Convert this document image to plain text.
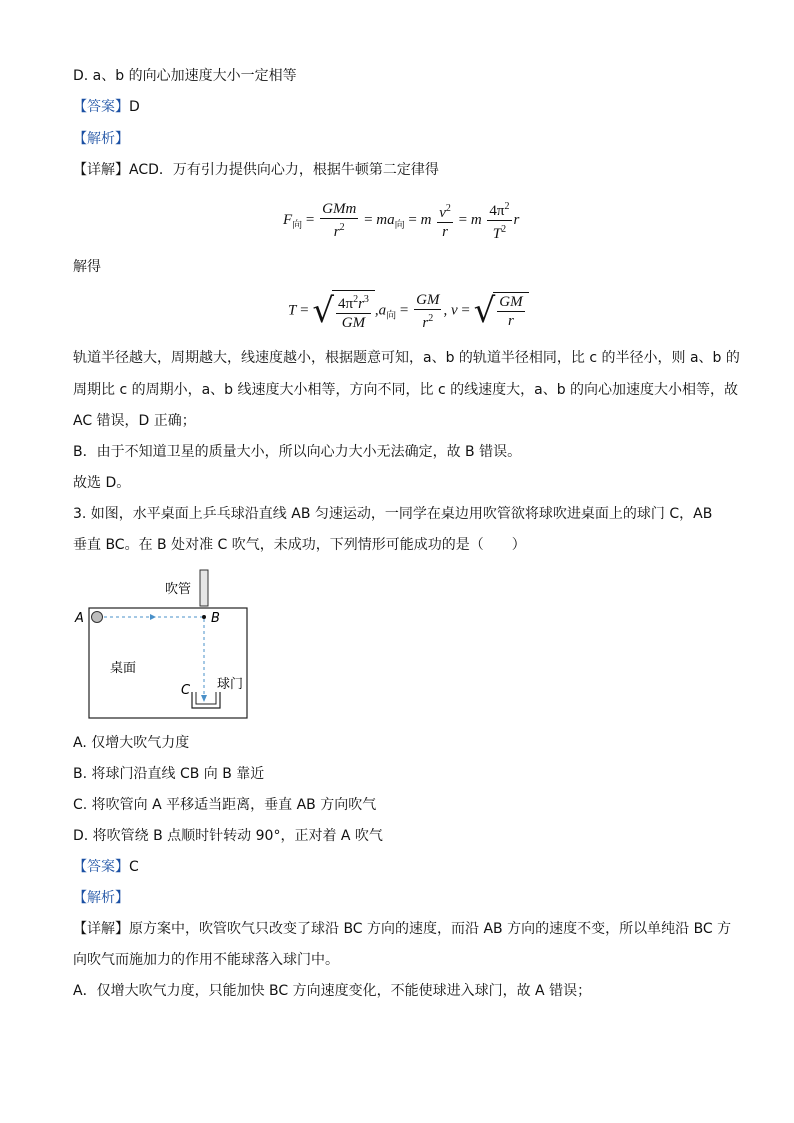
D. a、b 的向心加速度大小一定相等
【答案】D
【解析】
【详解】ACD．万有引力提供向心力，根据牛顿第二定律得
$F_向 = \frac{\text{GMm}}{r^2} = ma_向 = m \frac{v^2}{r} = m \frac{4\pi^2}{T^2}$ r
解得
T = √ $\frac{4\pi^2r^3}{GM} ,a_向 = \frac{GM}{r^2}$ , v = √ $\frac{GM}{r}$
轨道半径越大，周期越大，线速度越小，根据题意可知，a、b 的轨道半径相同，比 c 的半径小，则 a、b 的
周期比 c 的周期小，a、b 线速度大小相等，方向不同，比 c 的线速度大，a、b 的向心加速度大小相等，故
AC 错误，D 正确；
B．由于不知道卫星的质量大小，所以向心力大小无法确定，故 B 错误。
故选 D。
3. 如图，水平桌面上乒乓球沿直线 AB 匀速运动，一同学在桌边用吹管欲将球吹进桌面上的球门 C，AB
垂直 BC。在 B 处对准 C 吹气，未成功，下列情形可能成功的是（　　）
吹管
A	B
桌面
球门
C
A. 仅增大吹气力度
B. 将球门沿直线 CB 向 B 靠近
C. 将吹管向 A 平移适当距离，垂直 AB 方向吹气
D. 将吹管绕 B 点顺时针转动 90°，正对着 A 吹气
【答案】C
【解析】
【详解】原方案中，吹管吹气只改变了球沿 BC 方向的速度，而沿 AB 方向的速度不变，所以单纯沿 BC 方
向吹气而施加力的作用不能球落入球门中。
A．仅增大吹气力度，只能加快 BC 方向速度变化，不能使球进入球门，故 A 错误；
